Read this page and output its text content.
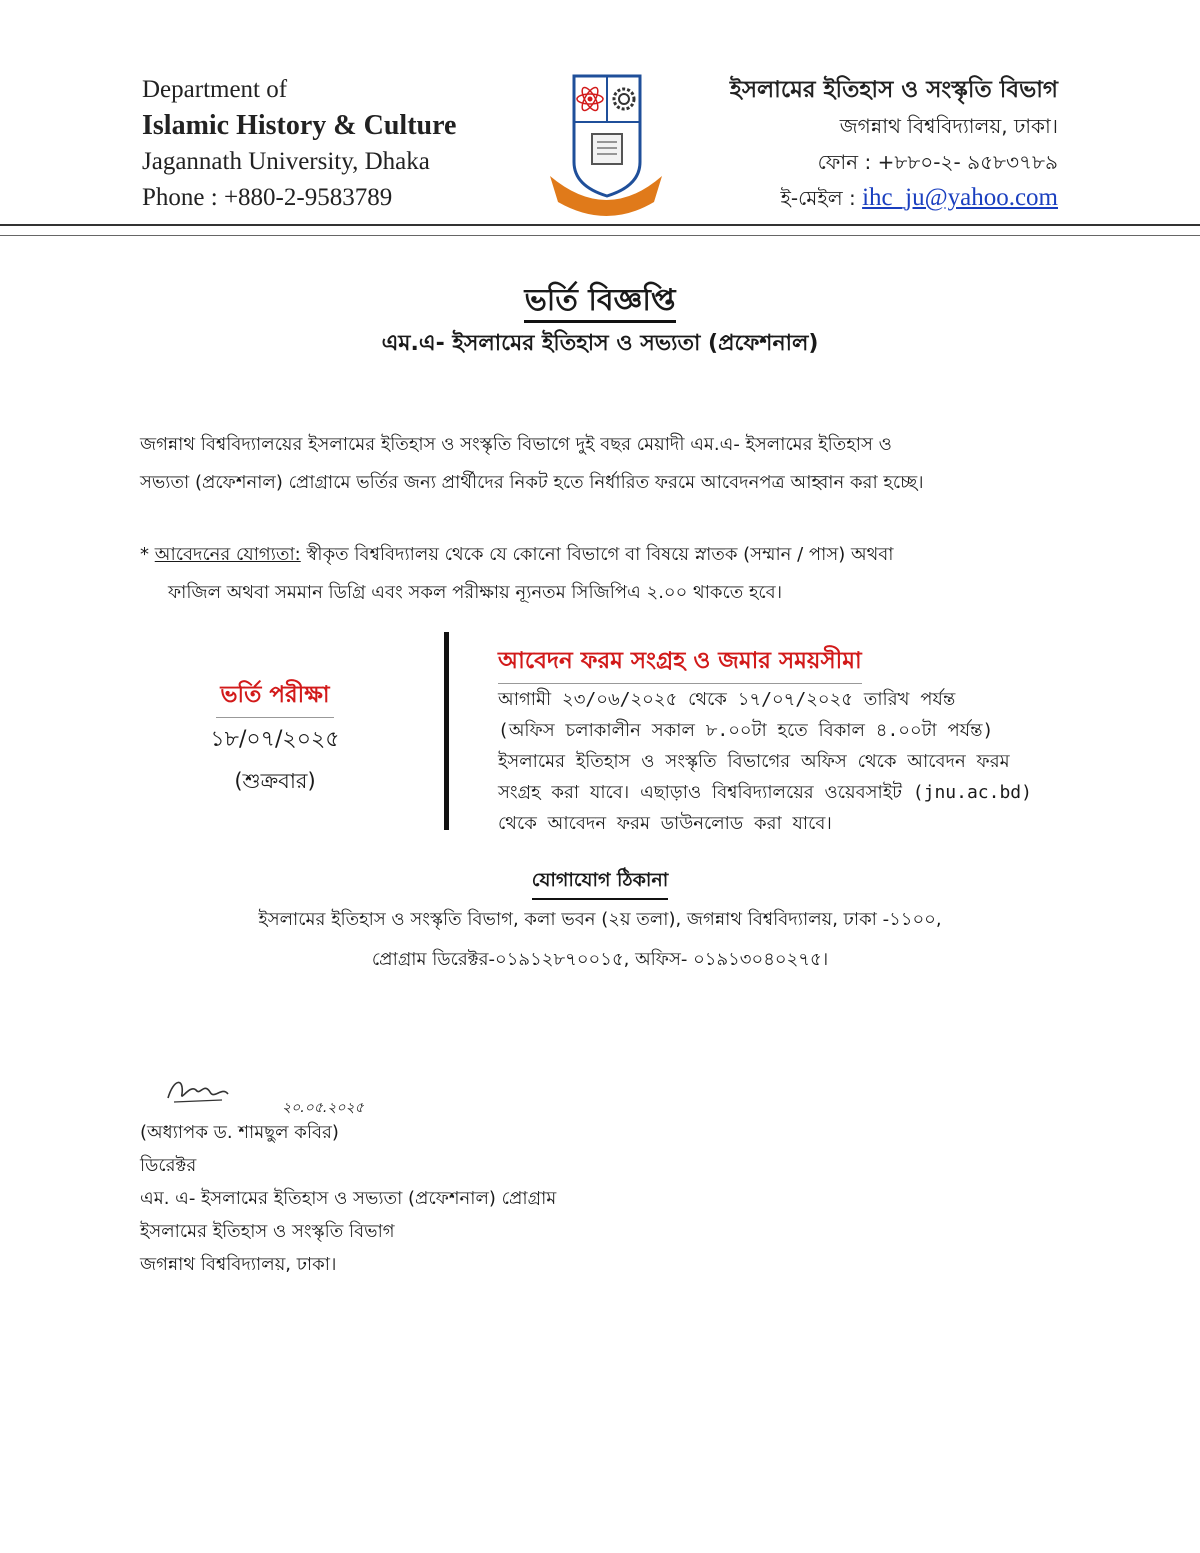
Department of
Islamic History & Culture
Jagannath University, Dhaka
Phone : +880-2-9583789
ইসলামের ইতিহাস ও সংস্কৃতি বিভাগ
জগন্নাথ বিশ্ববিদ্যালয়, ঢাকা।
ফোন : +৮৮০-২- ৯৫৮৩৭৮৯
ই-মেইল : ihc_ju@yahoo.com
ভর্তি বিজ্ঞপ্তি
এম.এ- ইসলামের ইতিহাস ও সভ্যতা (প্রফেশনাল)
জগন্নাথ বিশ্ববিদ্যালয়ের ইসলামের ইতিহাস ও সংস্কৃতি বিভাগে দুই বছর মেয়াদী এম.এ- ইসলামের ইতিহাস ও
সভ্যতা (প্রফেশনাল) প্রোগ্রামে ভর্তির জন্য প্রার্থীদের নিকট হতে নির্ধারিত ফরমে আবেদনপত্র আহ্বান করা হচ্ছে।
* আবেদনের যোগ্যতা: স্বীকৃত বিশ্ববিদ্যালয় থেকে যে কোনো বিভাগে বা বিষয়ে স্নাতক (সম্মান / পাস) অথবা
ফাজিল অথবা সমমান ডিগ্রি এবং সকল পরীক্ষায় ন্যূনতম সিজিপিএ ২.০০ থাকতে হবে।
ভর্তি পরীক্ষা
১৮/০৭/২০২৫
(শুক্রবার)
আবেদন ফরম সংগ্রহ ও জমার সময়সীমা
আগামী ২৩/০৬/২০২৫ থেকে ১৭/০৭/২০২৫ তারিখ পর্যন্ত
(অফিস চলাকালীন সকাল ৮.০০টা হতে বিকাল ৪.০০টা পর্যন্ত)
ইসলামের ইতিহাস ও সংস্কৃতি বিভাগের অফিস থেকে আবেদন ফরম
সংগ্রহ করা যাবে। এছাড়াও বিশ্ববিদ্যালয়ের ওয়েবসাইট (jnu.ac.bd)
থেকে আবেদন ফরম ডাউনলোড করা যাবে।
যোগাযোগ ঠিকানা
ইসলামের ইতিহাস ও সংস্কৃতি বিভাগ, কলা ভবন (২য় তলা), জগন্নাথ বিশ্ববিদ্যালয়, ঢাকা -১১০০,
প্রোগ্রাম ডিরেক্টর-০১৯১২৮৭০০১৫, অফিস- ০১৯১৩০৪০২৭৫।
২০.০৫.২০২৫
(অধ্যাপক ড. শামছুল কবির)
ডিরেক্টর
এম. এ- ইসলামের ইতিহাস ও সভ্যতা (প্রফেশনাল) প্রোগ্রাম
ইসলামের ইতিহাস ও সংস্কৃতি বিভাগ
জগন্নাথ বিশ্ববিদ্যালয়, ঢাকা।
